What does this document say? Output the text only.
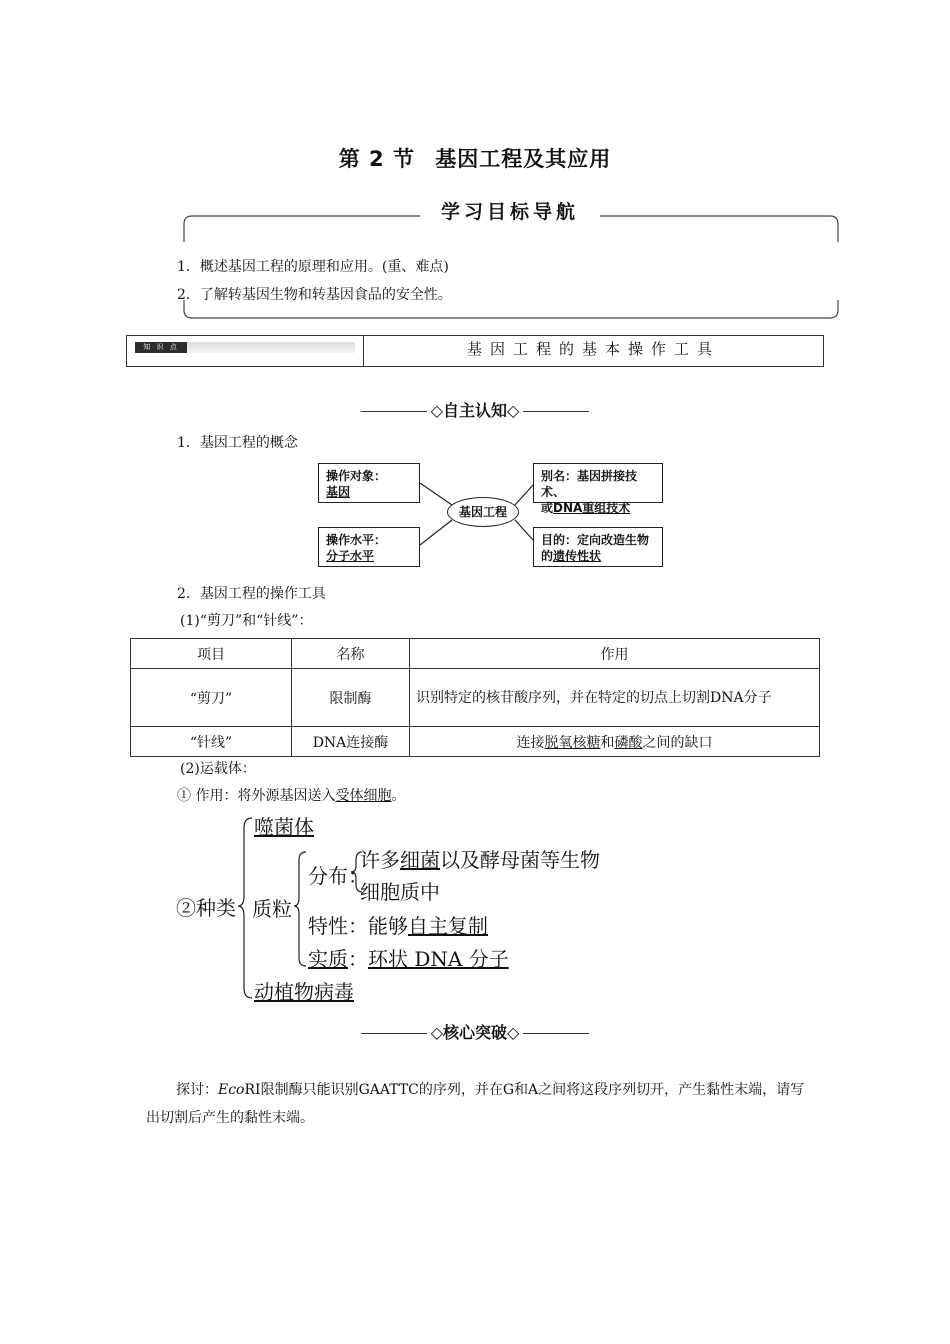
第 2 节 基因工程及其应用
学习目标导航
1．概述基因工程的原理和应用。(重、难点)
2．了解转基因生物和转基因食品的安全性。
知 识 点	基因工程的基本操作工具
◇自主认知◇
1．基因工程的概念
操作对象：
基因
操作水平：
分子水平
基因工程
别名：基因拼接技术、
或DNA重组技术
目的：定向改造生物
的遗传性状
2．基因工程的操作工具
(1)“剪刀”和“针线”：
项目	名称	作用
“剪刀”	限制酶	识别特定的核苷酸序列，并在特定的切点上切割DNA分子
“针线”	DNA连接酶	连接脱氧核糖和磷酸之间的缺口
(2)运载体：
① 作用：将外源基因送入受体细胞。
②种类
噬菌体
质粒
分布：
许多细菌以及酵母菌等生物
细胞质中
特性：能够自主复制
实质：环状 DNA 分子
动植物病毒
◇核心突破◇
探讨：EcoRI限制酶只能识别GAATTC的序列，并在G和A之间将这段序列切开，产生黏性末端，请写出切割后产生的黏性末端。
